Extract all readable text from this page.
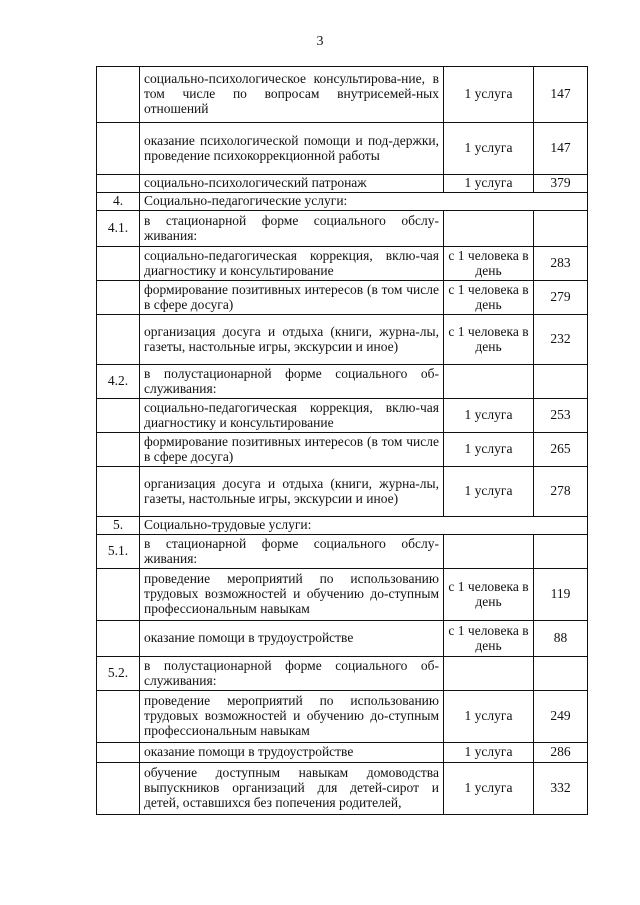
3
	социально-психологическое консультирова-ние, в том числе по вопросам внутрисемей-ных отношений	1 услуга	147
	оказание психологической помощи и под-держки, проведение психокоррекционной работы	1 услуга	147
	социально-психологический патронаж	1 услуга	379
4.	Социально-педагогические услуги:		
4.1.	в стационарной форме социального обслу-живания:		
	социально-педагогическая коррекция, вклю-чая диагностику и консультирование	с 1 человека в день	283
	формирование позитивных интересов (в том числе в сфере досуга)	с 1 человека в день	279
	организация досуга и отдыха (книги, журна-лы, газеты, настольные игры, экскурсии и иное)	с 1 человека в день	232
4.2.	в полустационарной форме социального об-служивания:		
	социально-педагогическая коррекция, вклю-чая диагностику и консультирование	1 услуга	253
	формирование позитивных интересов (в том числе в сфере досуга)	1 услуга	265
	организация досуга и отдыха (книги, журна-лы, газеты, настольные игры, экскурсии и иное)	1 услуга	278
5.	Социально-трудовые услуги:		
5.1.	в стационарной форме социального обслу-живания:		
	проведение мероприятий по использованию трудовых возможностей и обучению до-ступным профессиональным навыкам	с 1 человека в день	119
	оказание помощи в трудоустройстве	с 1 человека в день	88
5.2.	в полустационарной форме социального об-служивания:		
	проведение мероприятий по использованию трудовых возможностей и обучению до-ступным профессиональным навыкам	1 услуга	249
	оказание помощи в трудоустройстве	1 услуга	286
	обучение доступным навыкам домоводства выпускников организаций для детей-сирот и детей, оставшихся без попечения родителей,	1 услуга	332
